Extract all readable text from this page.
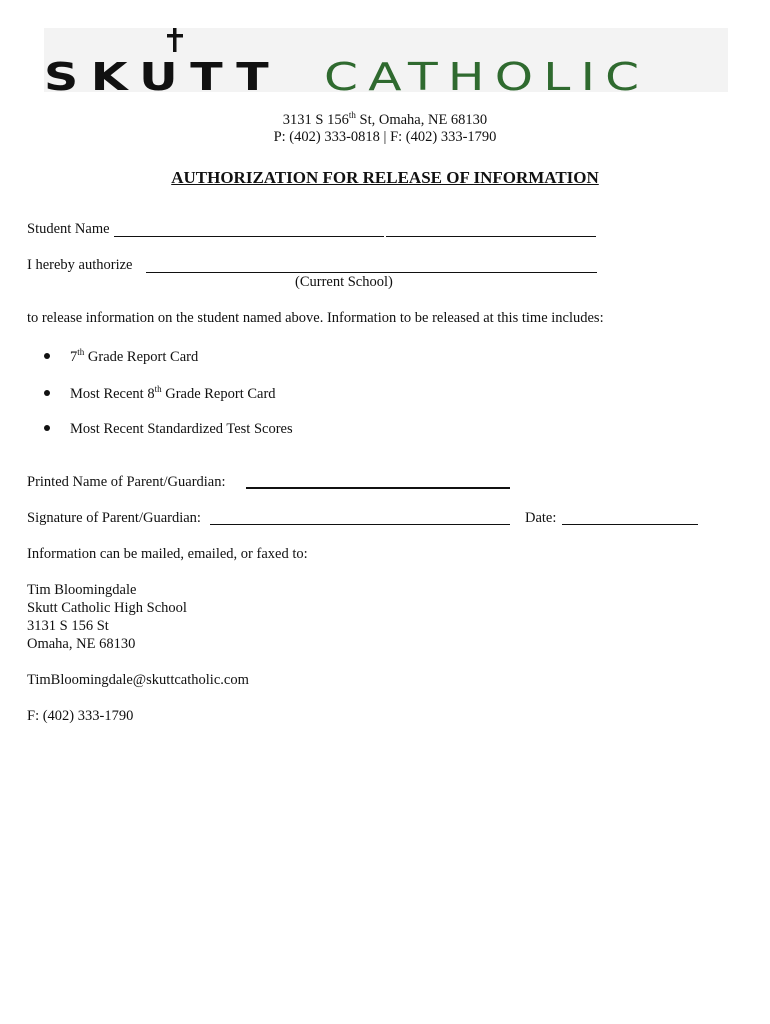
SKUTT CATHOLIC
3131 S 156th St, Omaha, NE 68130
P: (402) 333-0818 | F: (402) 333-1790
AUTHORIZATION FOR RELEASE OF INFORMATION
Student Name
I hereby authorize
(Current School)
to release information on the student named above. Information to be released at this time includes:
7th Grade Report Card
Most Recent 8th Grade Report Card
Most Recent Standardized Test Scores
Printed Name of Parent/Guardian:
Signature of Parent/Guardian:	Date:
Information can be mailed, emailed, or faxed to:
Tim Bloomingdale
Skutt Catholic High School
3131 S 156 St
Omaha, NE 68130
TimBloomingdale@skuttcatholic.com
F: (402) 333-1790
